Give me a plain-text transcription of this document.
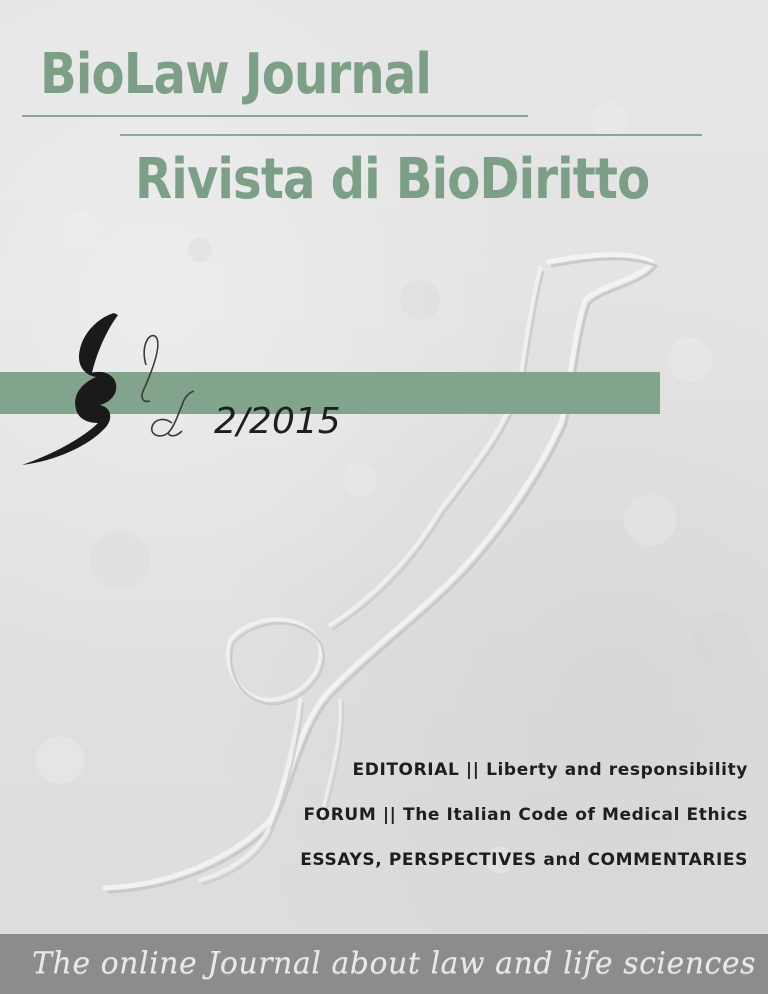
BioLaw Journal
Rivista di BioDiritto
2/2015
EDITORIAL || Liberty and responsibility
FORUM || The Italian Code of Medical Ethics
ESSAYS, PERSPECTIVES and COMMENTARIES
The online Journal about law and life sciences
